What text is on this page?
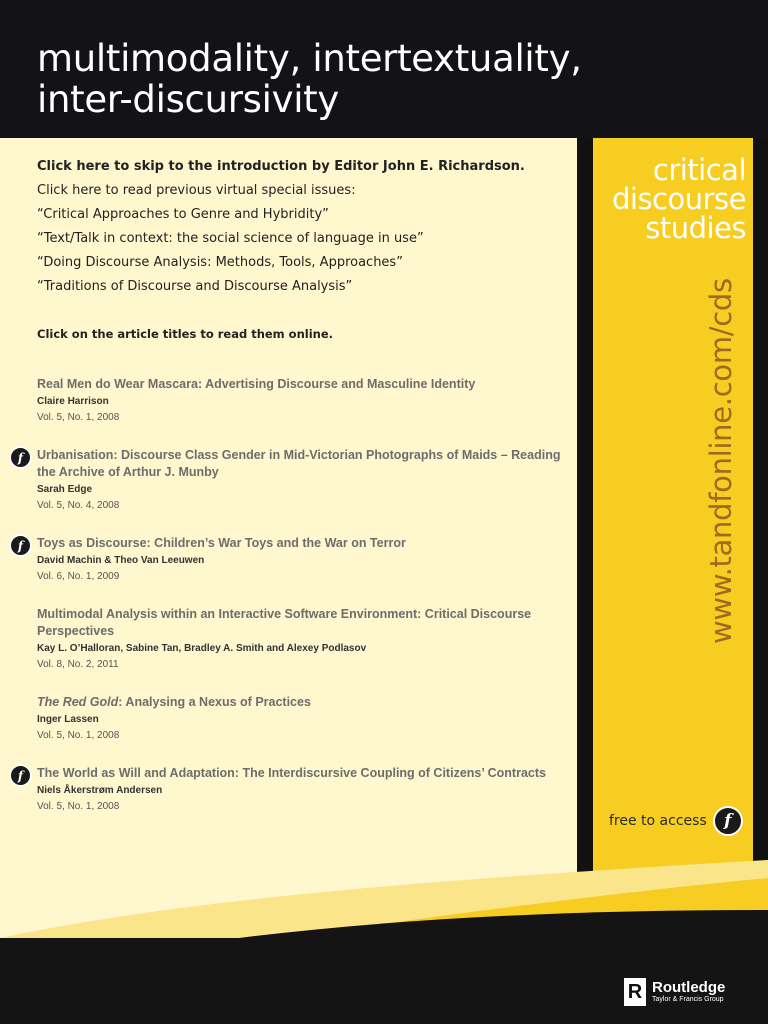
multimodality, intertextuality,
inter-discursivity
critical
discourse
studies
www.tandfonline.com/cds
free to access	f
Click here to skip to the introduction by Editor John E. Richardson.
Click here to read previous virtual special issues:
“Critical Approaches to Genre and Hybridity”
“Text/Talk in context: the social science of language in use”
“Doing Discourse Analysis: Methods, Tools, Approaches”
“Traditions of Discourse and Discourse Analysis”
Click on the article titles to read them online.
Real Men do Wear Mascara: Advertising Discourse and Masculine Identity
Claire Harrison
Vol. 5, No. 1, 2008
f	Urbanisation: Discourse Class Gender in Mid-Victorian Photographs of Maids – Reading the Archive of Arthur J. Munby
Sarah Edge
Vol. 5, No. 4, 2008
f	Toys as Discourse: Children’s War Toys and the War on Terror
David Machin & Theo Van Leeuwen
Vol. 6, No. 1, 2009
Multimodal Analysis within an Interactive Software Environment: Critical Discourse Perspectives
Kay L. O’Halloran, Sabine Tan, Bradley A. Smith and Alexey Podlasov
Vol. 8, No. 2, 2011
The Red Gold: Analysing a Nexus of Practices
Inger Lassen
Vol. 5, No. 1, 2008
f	The World as Will and Adaptation: The Interdiscursive Coupling of Citizens’ Contracts
Niels Åkerstrøm Andersen
Vol. 5, No. 1, 2008
R Routledge
Taylor & Francis Group
